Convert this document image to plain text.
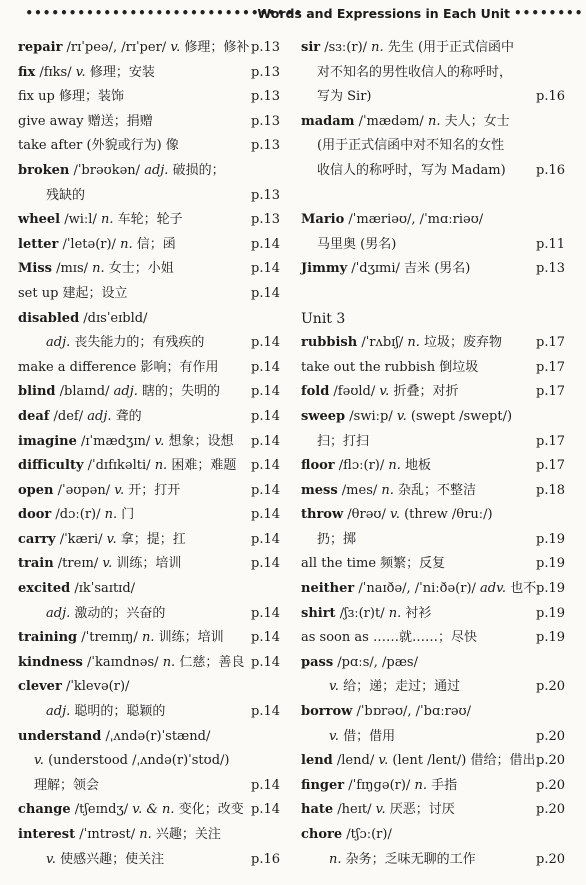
••••••••••••••••••••••••••••••••
Words and Expressions in Each Unit ••••••••
repair /rɪˈpeə/, /rɪˈper/ v. 修理；修补 p.13
fix /fɪks/ v. 修理；安装	p.13
fix up 修理；装饰	p.13
give away 赠送；捐赠	p.13
take after (外貌或行为) 像	p.13
broken /ˈbrəʊkən/ adj. 破损的；
残缺的	p.13
wheel /wiːl/ n. 车轮；轮子	p.13
letter /ˈletə(r)/ n. 信；函	p.14
Miss /mɪs/ n. 女士；小姐	p.14
set up 建起；设立	p.14
disabled /dɪsˈeɪbld/
adj. 丧失能力的；有残疾的	p.14
make a difference 影响；有作用	p.14
blind /blaɪnd/ adj. 瞎的；失明的 p.14
deaf /def/ adj. 聋的	p.14
imagine /ɪˈmædʒɪn/ v. 想象；设想 p.14
difficulty /ˈdɪfɪkəlti/ n. 困难；难题 p.14
open /ˈəʊpən/ v. 开；打开	p.14
door /dɔː(r)/ n. 门	p.14
carry /ˈkæri/ v. 拿；提；扛	p.14
train /treɪn/ v. 训练；培训	p.14
excited /ɪkˈsaɪtɪd/
adj. 激动的；兴奋的	p.14
training /ˈtreɪnɪŋ/ n. 训练；培训 p.14
kindness /ˈkaɪndnəs/ n. 仁慈；善良 p.14
clever /ˈklevə(r)/
adj. 聪明的；聪颖的	p.14
understand /ˌʌndə(r)ˈstænd/
v. (understood /ˌʌndə(r)ˈstʊd/)
理解；领会	p.14
change /tʃeɪndʒ/ v. & n. 变化；改变 p.14
interest /ˈɪntrəst/ n. 兴趣；关注
v. 使感兴趣；使关注	p.16
sir /sɜː(r)/ n. 先生 (用于正式信函中
对不知名的男性收信人的称呼时，
写为 Sir)	p.16
madam /ˈmædəm/ n. 夫人；女士
(用于正式信函中对不知名的女性
收信人的称呼时，写为 Madam) p.16
Mario /ˈmæriəʊ/, /ˈmɑːriəʊ/
马里奥 (男名)	p.11
Jimmy /ˈdʒɪmi/ 吉米 (男名)	p.13
Unit 3
rubbish /ˈrʌbɪʃ/ n. 垃圾；废弃物	p.17
take out the rubbish 倒垃圾	p.17
fold /fəʊld/ v. 折叠；对折	p.17
sweep /swiːp/ v. (swept /swept/)
扫；打扫	p.17
floor /flɔː(r)/ n. 地板	p.17
mess /mes/ n. 杂乱；不整洁	p.18
throw /θrəʊ/ v. (threw /θruː/)
扔；掷	p.19
all the time 频繁；反复	p.19
neither /ˈnaɪðə/, /ˈniːðə(r)/ adv. 也不 p.19
shirt /ʃɜː(r)t/ n. 衬衫	p.19
as soon as ……就……；尽快	p.19
pass /pɑːs/, /pæs/
v. 给；递；走过；通过	p.20
borrow /ˈbɒrəʊ/, /ˈbɑːrəʊ/
v. 借；借用	p.20
lend /lend/ v. (lent /lent/) 借给；借出 p.20
finger /ˈfɪŋɡə(r)/ n. 手指	p.20
hate /heɪt/ v. 厌恶；讨厌	p.20
chore /tʃɔː(r)/
n. 杂务；乏味无聊的工作	p.20
